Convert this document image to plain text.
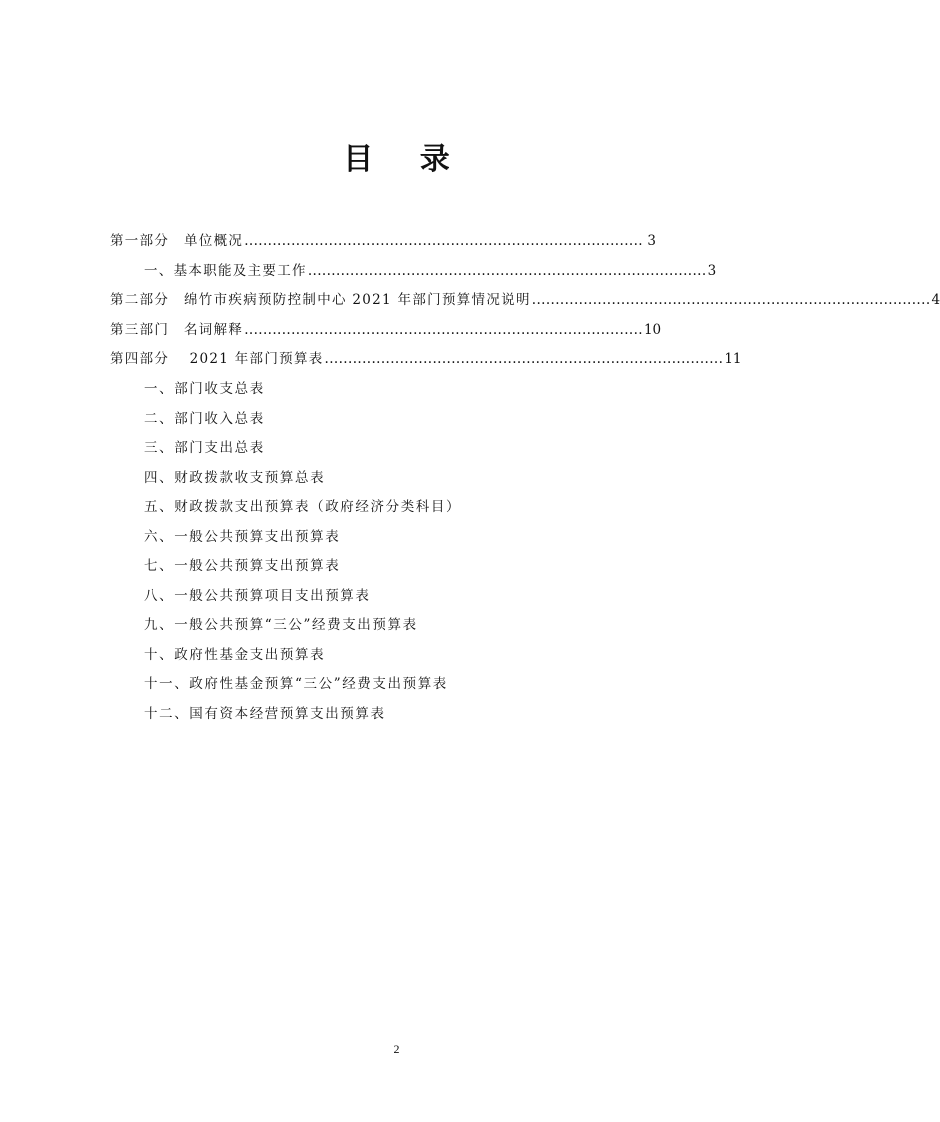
目 录
第一部分　单位概况 ..................................................................................... 3
一、基本职能及主要工作 ..................................................................................... 3
第二部分　绵竹市疾病预防控制中心 2021 年部门预算情况说明 ..................................................................................... 4
第三部门　名词解释 ..................................................................................... 10
第四部分　 2021 年部门预算表 ..................................................................................... 11
一、部门收支总表
二、部门收入总表
三、部门支出总表
四、财政拨款收支预算总表
五、财政拨款支出预算表（政府经济分类科目）
六、一般公共预算支出预算表
七、一般公共预算支出预算表
八、一般公共预算项目支出预算表
九、一般公共预算“三公”经费支出预算表
十、政府性基金支出预算表
十一、政府性基金预算“三公”经费支出预算表
十二、国有资本经营预算支出预算表
2
